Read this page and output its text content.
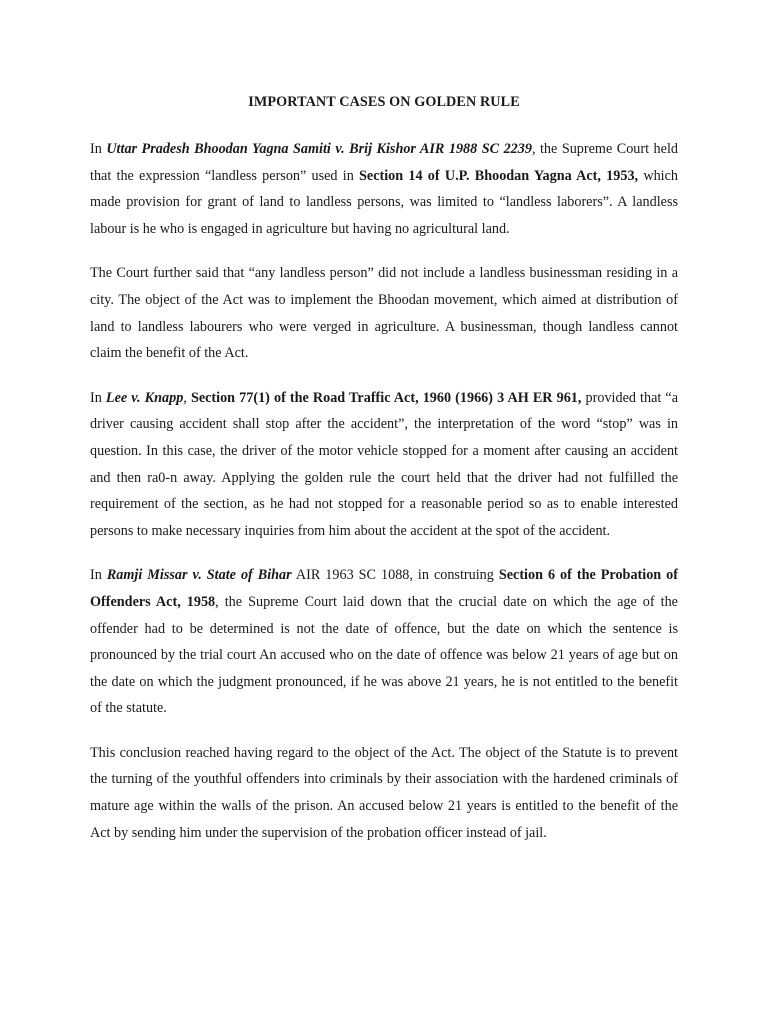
IMPORTANT CASES ON GOLDEN RULE

In Uttar Pradesh Bhoodan Yagna Samiti v. Brij Kishor AIR 1988 SC 2239, the Supreme Court held that the expression “landless person” used in Section 14 of U.P. Bhoodan Yagna Act, 1953, which made provision for grant of land to landless persons, was limited to “landless laborers”. A landless labour is he who is engaged in agriculture but having no agricultural land.

The Court further said that “any landless person” did not include a landless businessman residing in a city. The object of the Act was to implement the Bhoodan movement, which aimed at distribution of land to landless labourers who were verged in agriculture. A businessman, though landless cannot claim the benefit of the Act.

In Lee v. Knapp, Section 77(1) of the Road Traffic Act, 1960 (1966) 3 AH ER 961, provided that “a driver causing accident shall stop after the accident”, the interpretation of the word “stop” was in question. In this case, the driver of the motor vehicle stopped for a moment after causing an accident and then ra0-n away. Applying the golden rule the court held that the driver had not fulfilled the requirement of the section, as he had not stopped for a reasonable period so as to enable interested persons to make necessary inquiries from him about the accident at the spot of the accident.

In Ramji Missar v. State of Bihar AIR 1963 SC 1088, in construing Section 6 of the Probation of Offenders Act, 1958, the Supreme Court laid down that the crucial date on which the age of the offender had to be determined is not the date of offence, but the date on which the sentence is pronounced by the trial court An accused who on the date of offence was below 21 years of age but on the date on which the judgment pronounced, if he was above 21 years, he is not entitled to the benefit of the statute.

This conclusion reached having regard to the object of the Act. The object of the Statute is to prevent the turning of the youthful offenders into criminals by their association with the hardened criminals of mature age within the walls of the prison. An accused below 21 years is entitled to the benefit of the Act by sending him under the supervision of the probation officer instead of jail.
